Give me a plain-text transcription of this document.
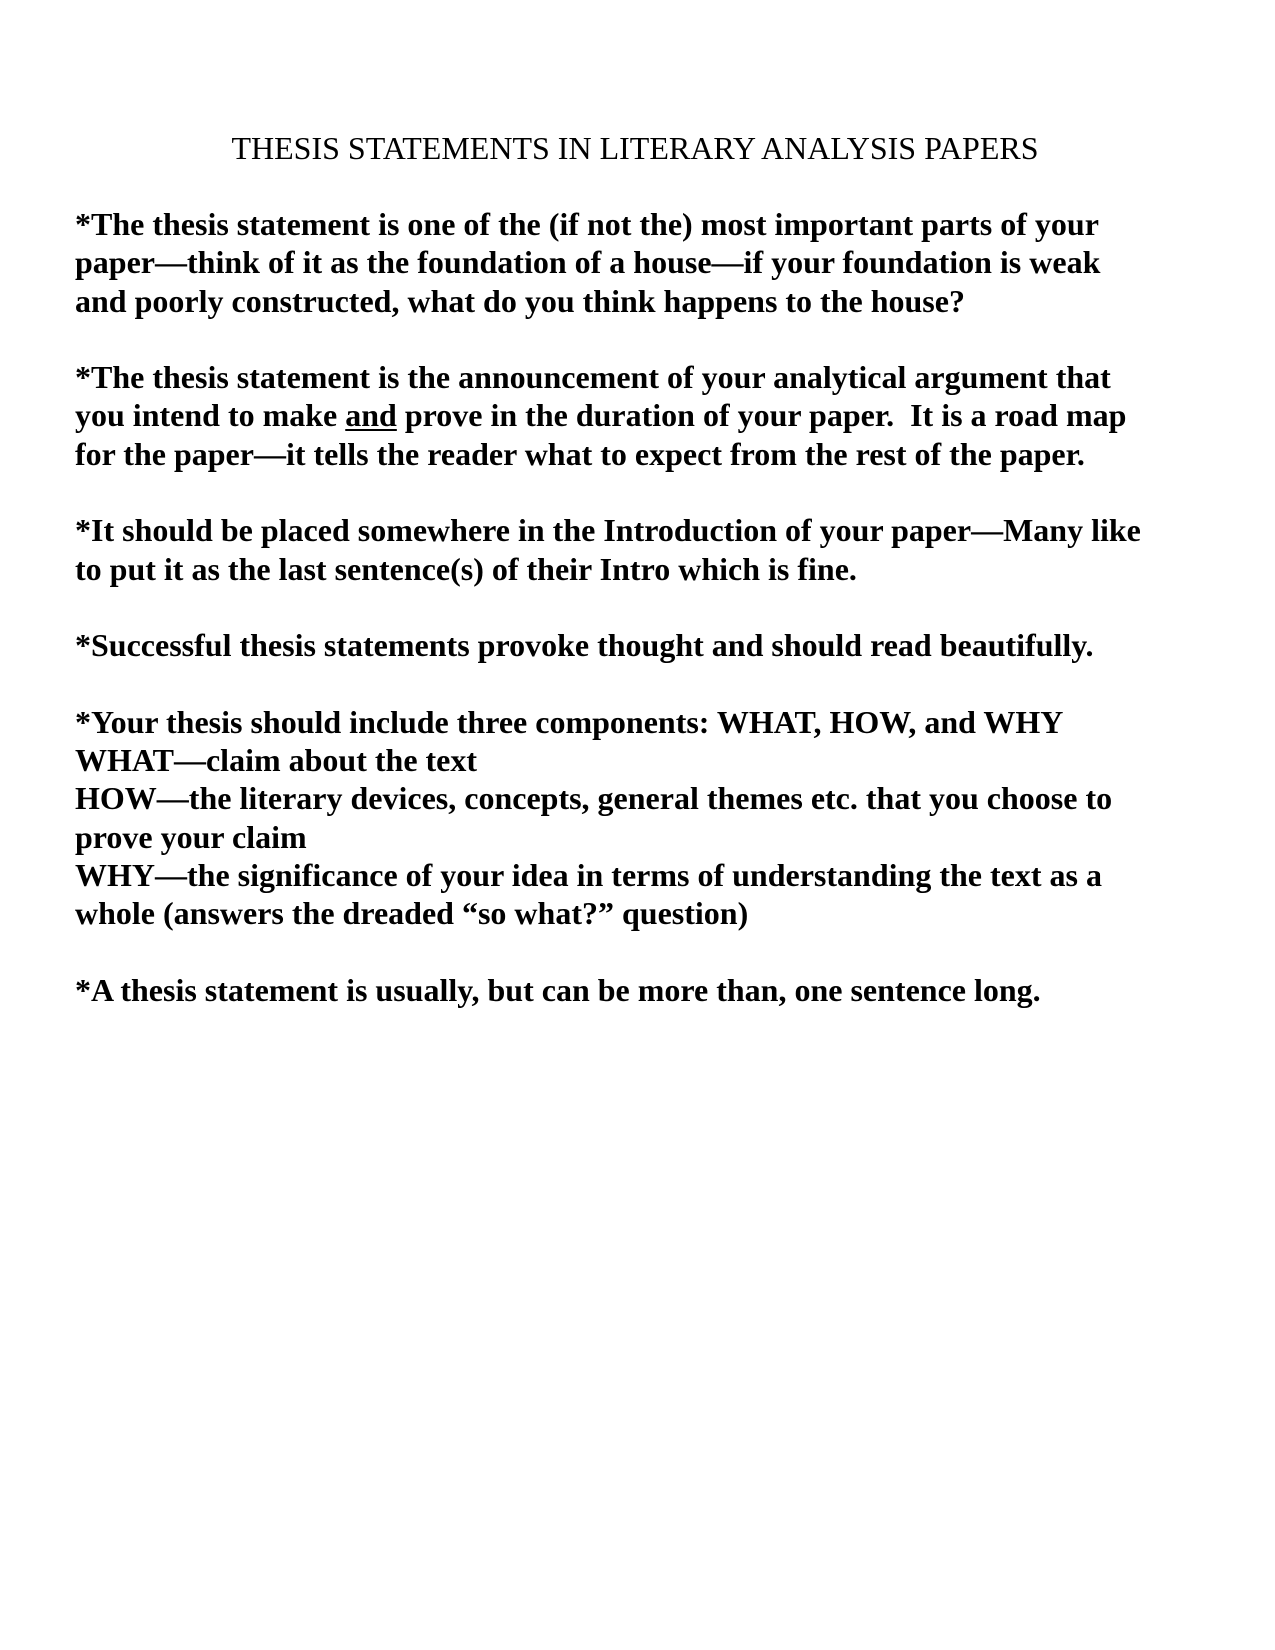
THESIS STATEMENTS IN LITERARY ANALYSIS PAPERS

*The thesis statement is one of the (if not the) most important parts of your
paper—think of it as the foundation of a house—if your foundation is weak
and poorly constructed, what do you think happens to the house?

*The thesis statement is the announcement of your analytical argument that
you intend to make and prove in the duration of your paper.  It is a road map
for the paper—it tells the reader what to expect from the rest of the paper.

*It should be placed somewhere in the Introduction of your paper—Many like
to put it as the last sentence(s) of their Intro which is fine.

*Successful thesis statements provoke thought and should read beautifully.

*Your thesis should include three components: WHAT, HOW, and WHY
WHAT—claim about the text
HOW—the literary devices, concepts, general themes etc. that you choose to
prove your claim
WHY—the significance of your idea in terms of understanding the text as a
whole (answers the dreaded “so what?” question)

*A thesis statement is usually, but can be more than, one sentence long.
